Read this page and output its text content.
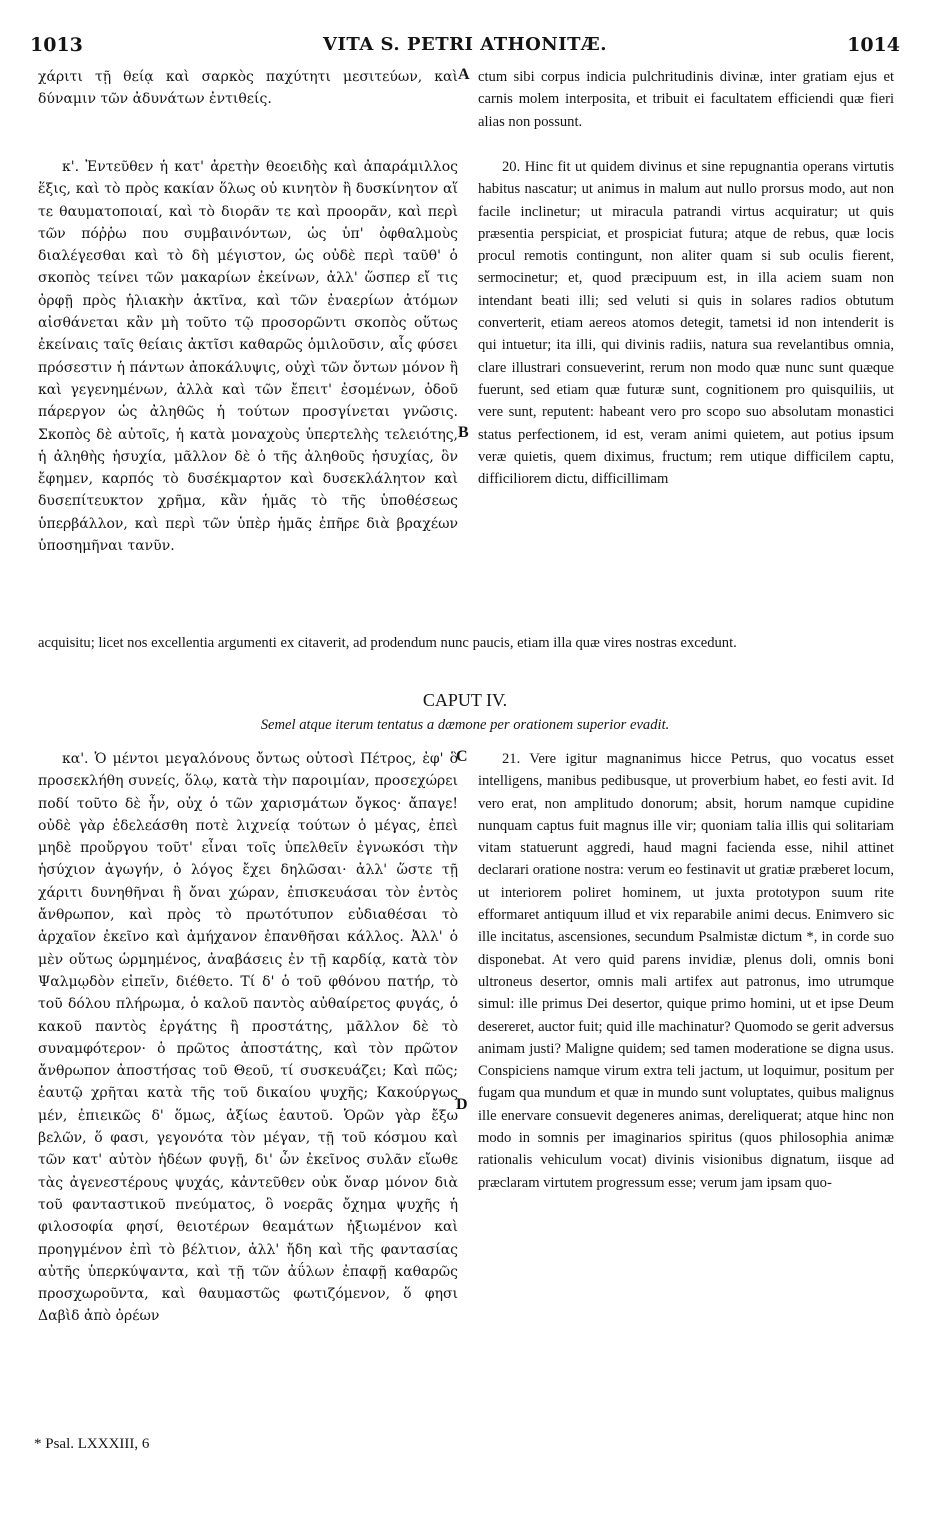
1013	VITA S. PETRI ATHONITÆ.	1014

χάριτι τῇ θείᾳ καὶ σαρκὸς παχύτητι μεσιτεύων, καὶ δύναμιν τῶν ἀδυνάτων ἐντιθείς.

A ctum sibi corpus indicia pulchritudinis divinæ, inter gratiam ejus et carnis molem interposita, et tribuit ei facultatem efficiendi quæ fieri alias non possunt.

κ'. Ἐντεῦθεν ἡ κατ' ἀρετὴν θεοειδὴς καὶ ἀπαράμιλλος ἕξις, καὶ τὸ πρὸς κακίαν ὅλως οὐ κινητὸν ἢ δυσκίνητον αἵ τε θαυματοποιαί, καὶ τὸ διορᾶν τε καὶ προορᾶν, καὶ περὶ τῶν πόῤῥω που συμβαινόντων, ὡς ὑπ' ὀφθαλμοὺς διαλέγεσθαι καὶ τὸ δὴ μέγιστον, ὡς οὐδὲ περὶ ταῦθ' ὁ σκοπὸς τείνει τῶν μακαρίων ἐκείνων, ἀλλ' ὥσπερ εἴ τις ὀρφῇ πρὸς ἡλιακὴν ἀκτῖνα, καὶ τῶν ἐναερίων ἀτόμων αἰσθάνεται κἂν μὴ τοῦτο τῷ προσορῶντι σκοπὸς οὕτως ἐκείναις ταῖς θείαις ἀκτῖσι καθαρῶς ὁμιλοῦσιν, αἷς φύσει πρόσεστιν ἡ πάντων ἀποκάλυψις, οὐχὶ τῶν ὄντων μόνον ἢ καὶ γεγενημένων, ἀλλὰ καὶ τῶν ἔπειτ' ἐσομένων, ὁδοῦ πάρεργον ὡς ἀληθῶς ἡ τούτων προσγίνεται γνῶσις. Σκοπὸς δὲ αὐτοῖς, ἡ κατὰ μοναχοὺς ὑπερτελὴς τελειότης, ἡ ἀληθὴς ἡσυχία, μᾶλλον δὲ ὁ τῆς ἀληθοῦς ἡσυχίας, ὃν ἔφημεν, καρπός τὸ δυσέκμαρτον καὶ δυσεκλάλητον καὶ δυσεπίτευκτον χρῆμα, κἂν ἡμᾶς τὸ τῆς ὑποθέσεως ὑπερβάλλον, καὶ περὶ τῶν ὑπὲρ ἡμᾶς ἐπῆρε διὰ βραχέων ὑποσημῆναι τανῦν.

B

20. Hinc fit ut quidem divinus et sine repugnantia operans virtutis habitus nascatur; ut animus in malum aut nullo prorsus modo, aut non facile inclinetur; ut miracula patrandi virtus acquiratur; ut quis præsentia perspiciat, et prospiciat futura; atque de rebus, quæ locis procul remotis contingunt, non aliter quam si sub oculis fierent, sermocinetur; et, quod præcipuum est, in illa aciem suam non intendant beati illi; sed veluti si quis in solares radios obtutum converterit, etiam aereos atomos detegit, tametsi id non intenderit is qui intuetur; ita illi, qui divinis radiis, natura sua revelantibus omnia, clare illustrari consueverint, rerum non modo quæ nunc sunt quæque fuerunt, sed etiam quæ futuræ sunt, cognitionem pro quisquiliis, ut vere sunt, reputent: habeant vero pro scopo suo absolutam monastici status perfectionem, id est, veram animi quietem, aut potius ipsum veræ quietis, quem diximus, fructum; rem utique difficilem captu, difficiliorem dictu, difficillimam

acquisitu; licet nos excellentia argumenti ex citaverit, ad prodendum nunc paucis, etiam illa quæ vires nostras excedunt.

CAPUT IV.
Semel atque iterum tentatus a dæmone per orationem superior evadit.

κα'. Ὁ μέντοι μεγαλόνους ὄντως οὑτοσὶ Πέτρος, ἐφ' ὃ προσεκλήθη συνείς, ὅλῳ, κατὰ τὴν παροιμίαν, προσεχώρει ποδί τοῦτο δὲ ἦν, οὐχ ὁ τῶν χαρισμάτων ὄγκος· ἄπαγε! οὐδὲ γὰρ ἐδελεάσθη ποτὲ λιχνείᾳ τούτων ὁ μέγας, ἐπεὶ μηδὲ προὔργου τοῦτ' εἶναι τοῖς ὑπελθεῖν ἐγνωκόσι τὴν ἡσύχιον ἀγωγήν, ὁ λόγος ἔχει δηλῶσαι· ἀλλ' ὥστε τῇ χάριτι δυνηθῆναι ἣ ὄναι χώραν, ἐπισκευάσαι τὸν ἐντὸς ἄνθρωπον, καὶ πρὸς τὸ πρωτότυπον εὐδιαθέσαι τὸ ἀρχαῖον ἐκεῖνο καὶ ἀμήχανον ἐπανθῆσαι κάλλος. Ἀλλ' ὁ μὲν οὕτως ὡρμημένος, ἀναβάσεις ἐν τῇ καρδίᾳ, κατὰ τὸν Ψαλμῳδὸν εἰπεῖν, διέθετο. Τί δ' ὁ τοῦ φθόνου πατήρ, τὸ τοῦ δόλου πλήρωμα, ὁ καλοῦ παντὸς αὐθαίρετος φυγάς, ὁ κακοῦ παντὸς ἐργάτης ἢ προστάτης, μᾶλλον δὲ τὸ συναμφότερον· ὁ πρῶτος ἀποστάτης, καὶ τὸν πρῶτον ἄνθρωπον ἀποστήσας τοῦ Θεοῦ, τί συσκευάζει; Καὶ πῶς; ἑαυτῷ χρῆται κατὰ τῆς τοῦ δικαίου ψυχῆς; Κακούργως μέν, ἐπιεικῶς δ' ὅμως, ἀξίως ἑαυτοῦ. Ὁρῶν γὰρ ἔξω βελῶν, ὅ φασι, γεγονότα τὸν μέγαν, τῇ τοῦ κόσμου καὶ τῶν κατ' αὐτὸν ἡδέων φυγῇ, δι' ὧν ἐκεῖνος συλᾶν εἴωθε τὰς ἀγενεστέρους ψυχάς, κἀντεῦθεν οὐκ ὄναρ μόνον διὰ τοῦ φανταστικοῦ πνεύματος, ὃ νοερᾶς ὄχημα ψυχῆς ἡ φιλοσοφία φησί, θειοτέρων θεαμάτων ἠξιωμένον καὶ προηγμένον ἐπὶ τὸ βέλτιον, ἀλλ' ἤδη καὶ τῆς φαντασίας αὐτῆς ὑπερκύψαντα, καὶ τῇ τῶν ἀΰλων ἐπαφῇ καθαρῶς προσχωροῦντα, καὶ θαυμαστῶς φωτιζόμενον, ὅ φησι Δαβὶδ ἀπὸ ὀρέων

C
D

21. Vere igitur magnanimus hicce Petrus, quo vocatus esset intelligens, manibus pedibusque, ut proverbium habet, eo festi avit. Id vero erat, non amplitudo donorum; absit, horum namque cupidine nunquam captus fuit magnus ille vir; quoniam talia illis qui solitariam vitam statuerunt aggredi, haud magni facienda esse, nihil attinet declarari oratione nostra: verum eo festinavit ut gratiæ præberet locum, ut interiorem poliret hominem, ut juxta prototypon suum rite efformaret antiquum illud et vix reparabile animi decus. Enimvero sic ille incitatus, ascensiones, secundum Psalmistæ dictum *, in corde suo disponebat. At vero quid parens invidiæ, plenus doli, omnis boni ultroneus desertor, omnis mali artifex aut patronus, imo utrumque simul: ille primus Dei desertor, quique primo homini, ut et ipse Deum desereret, auctor fuit; quid ille machinatur? Quomodo se gerit adversus animam justi? Maligne quidem; sed tamen moderatione se digna usus. Conspiciens namque virum extra teli jactum, ut loquimur, positum per fugam qua mundum et quæ in mundo sunt voluptates, quibus malignus ille enervare consuevit degeneres animas, dereliquerat; atque hinc non modo in somnis per imaginarios spiritus (quos philosophia animæ rationalis vehiculum vocat) divinis visionibus dignatum, iisque ad præclaram virtutem progressum esse; verum jam ipsam quo-

* Psal. LXXXIII, 6
